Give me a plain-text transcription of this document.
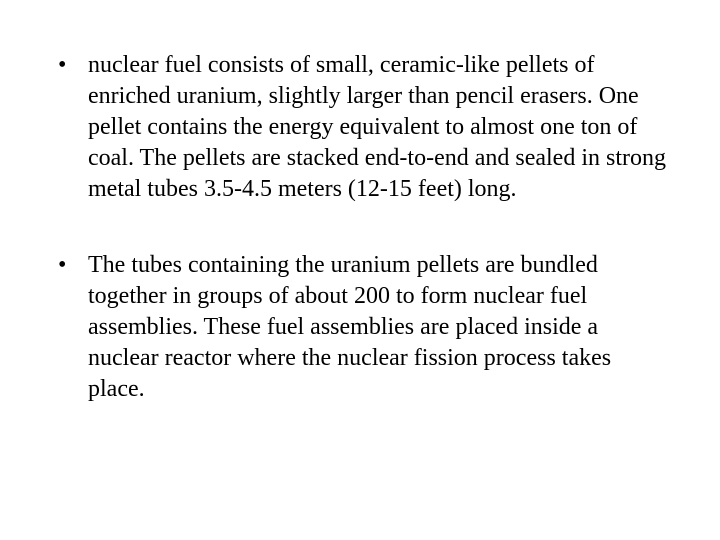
• nuclear fuel consists of small, ceramic-like pellets of enriched uranium, slightly larger than pencil erasers. One pellet contains the energy equivalent to almost one ton of coal. The pellets are stacked end-to-end and sealed in strong metal tubes 3.5-4.5 meters (12-15 feet) long.
• The tubes containing the uranium pellets are bundled together in groups of about 200 to form nuclear fuel assemblies. These fuel assemblies are placed inside a nuclear reactor where the nuclear fission process takes place.
